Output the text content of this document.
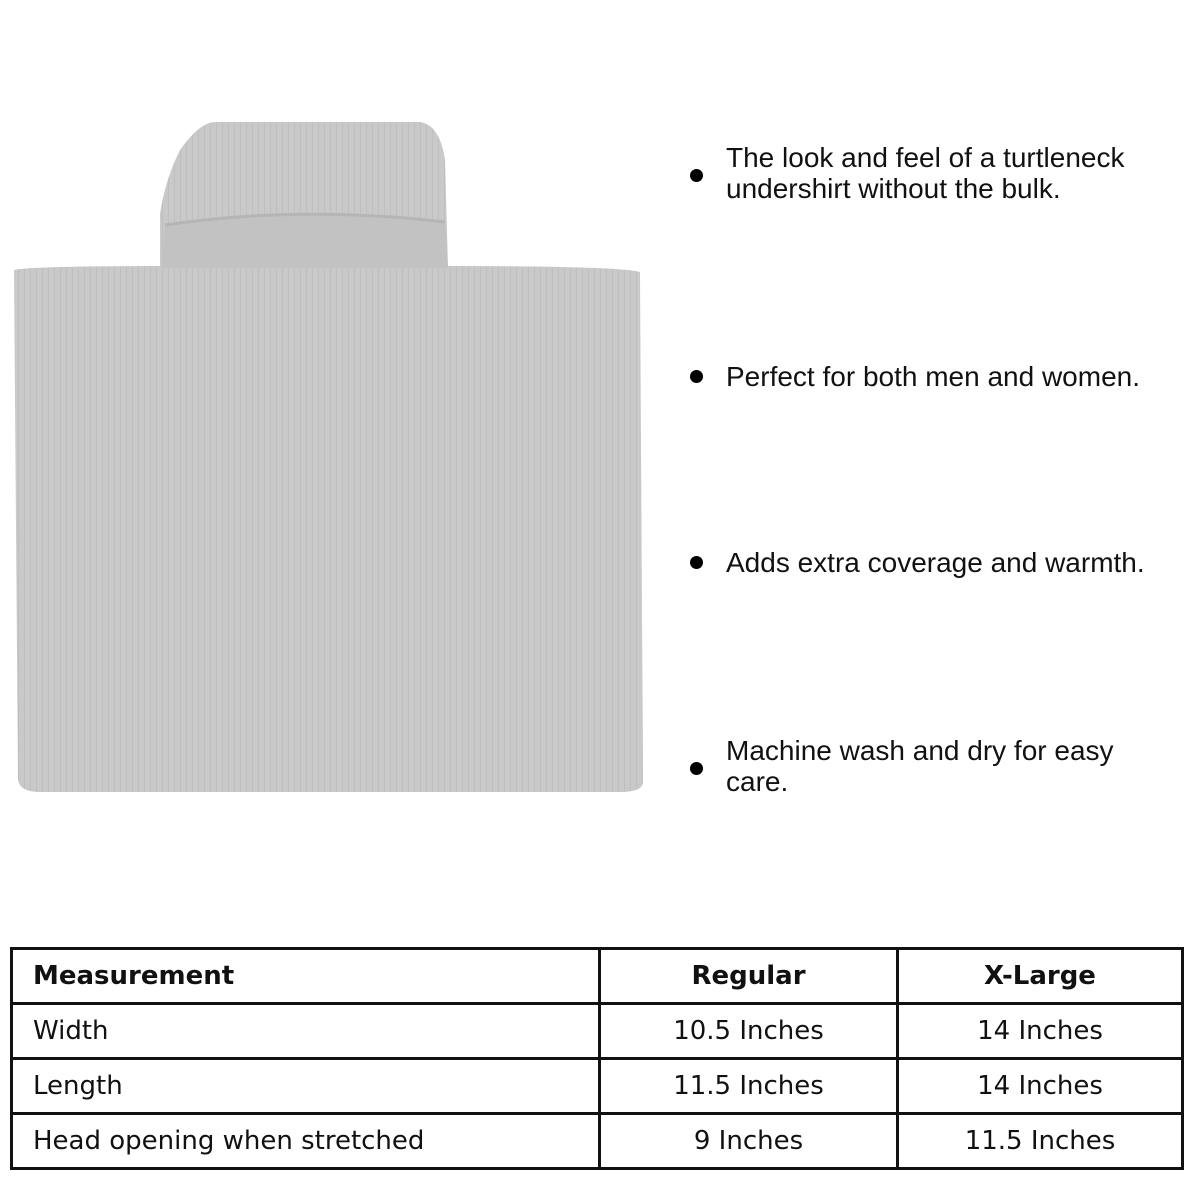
The look and feel of a turtleneck undershirt without the bulk.
Perfect for both men and women.
Adds extra coverage and warmth.
Machine wash and dry for easy care.
Measurement	Regular	X-Large
Width	10.5 Inches	14 Inches
Length	11.5 Inches	14 Inches
Head opening when stretched	9 Inches	11.5 Inches
